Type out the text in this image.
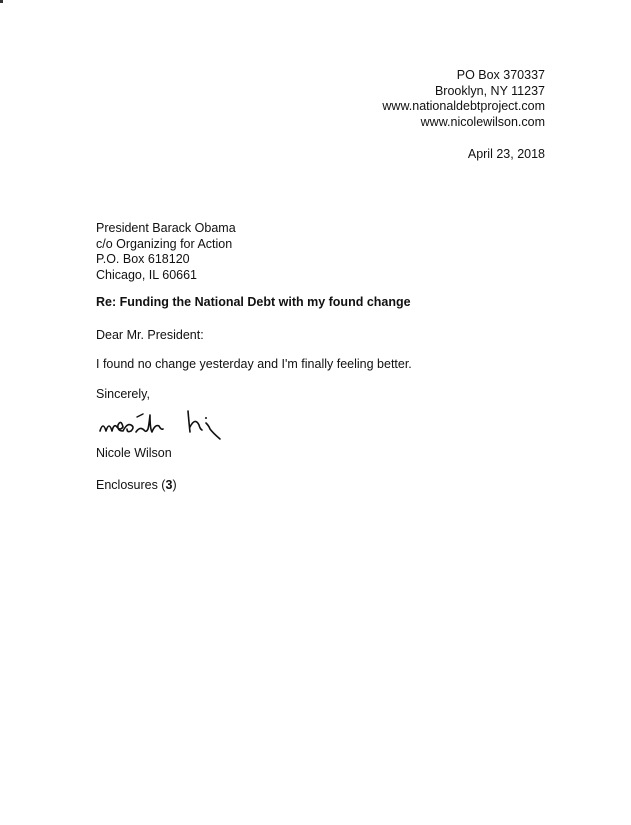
PO Box 370337
Brooklyn, NY 11237
www.nationaldebtproject.com
www.nicolewilson.com
April 23, 2018
President Barack Obama
c/o Organizing for Action
P.O. Box 618120
Chicago, IL 60661
Re: Funding the National Debt with my found change
Dear Mr. President:
I found no change yesterday and I'm finally feeling better.
Sincerely,
Nicole Wilson
Enclosures (3)
